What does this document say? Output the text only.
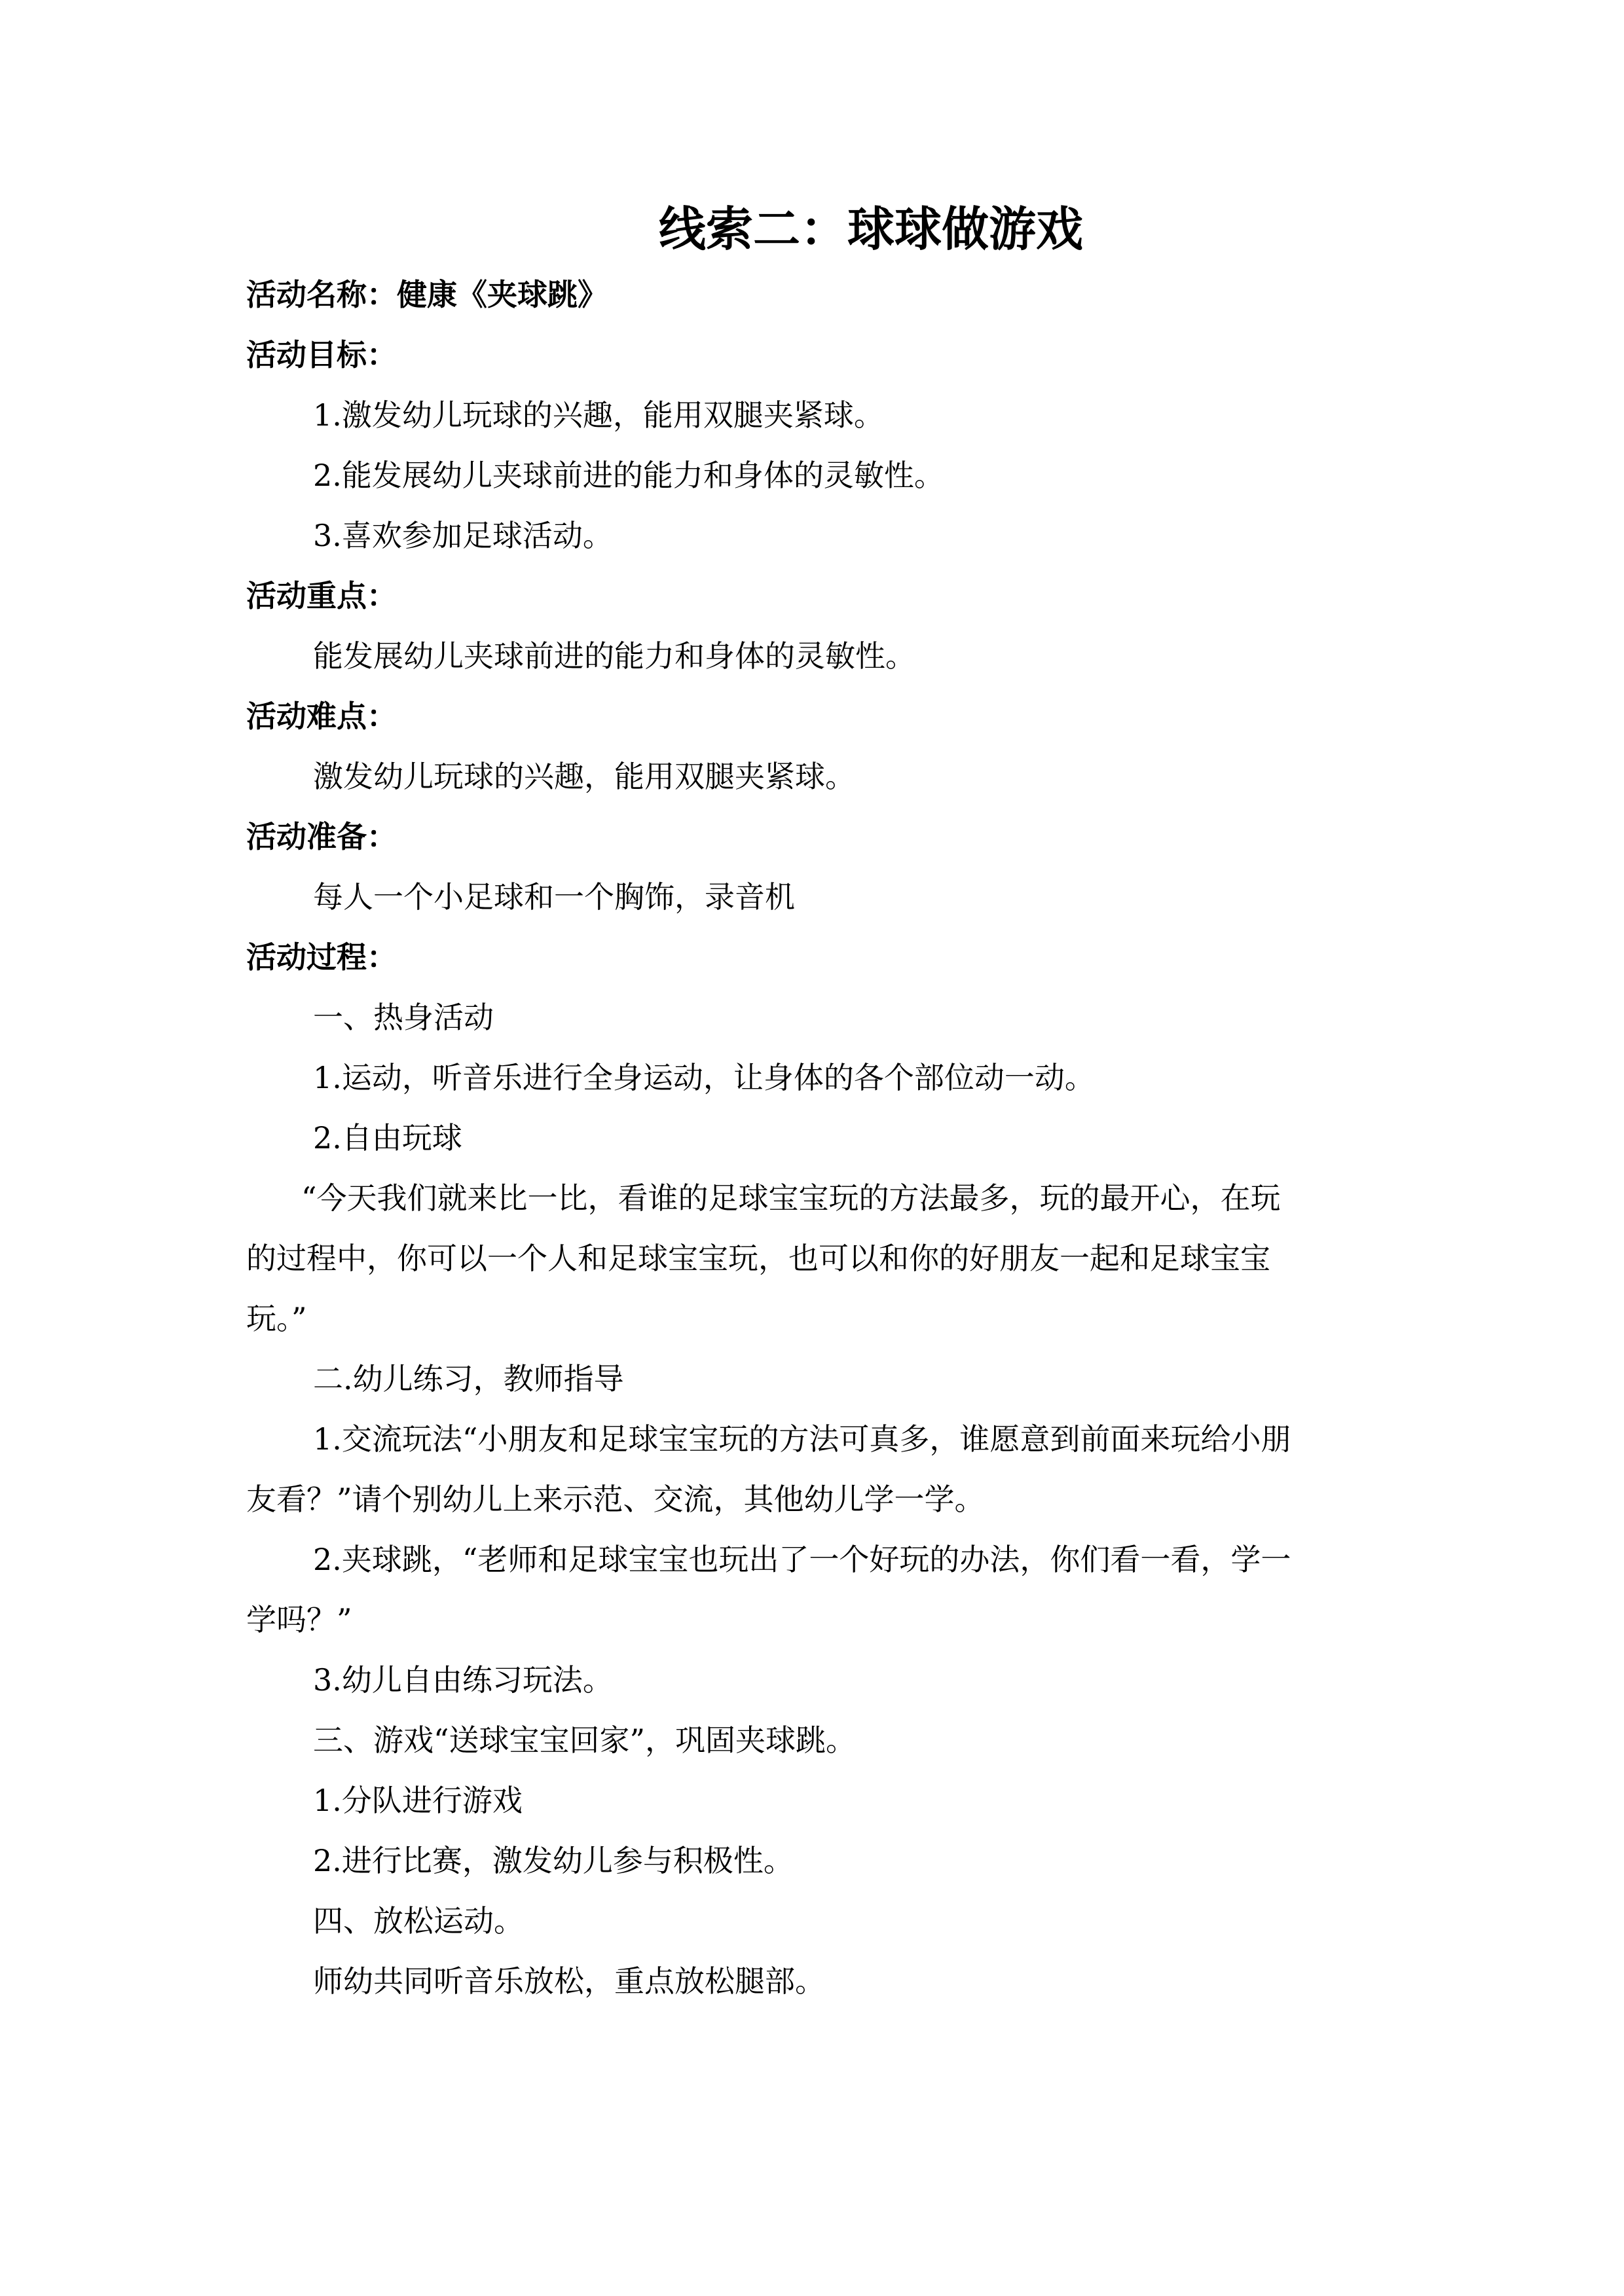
线索二：球球做游戏
活动名称：健康《夹球跳》
活动目标：
1.激发幼儿玩球的兴趣，能用双腿夹紧球。
2.能发展幼儿夹球前进的能力和身体的灵敏性。
3.喜欢参加足球活动。
活动重点：
能发展幼儿夹球前进的能力和身体的灵敏性。
活动难点：
激发幼儿玩球的兴趣，能用双腿夹紧球。
活动准备：
每人一个小足球和一个胸饰，录音机
活动过程：
一、热身活动
1.运动，听音乐进行全身运动，让身体的各个部位动一动。
2.自由玩球
“今天我们就来比一比，看谁的足球宝宝玩的方法最多，玩的最开心，在玩
的过程中，你可以一个人和足球宝宝玩，也可以和你的好朋友一起和足球宝宝
玩。”
二.幼儿练习，教师指导
1.交流玩法“小朋友和足球宝宝玩的方法可真多，谁愿意到前面来玩给小朋
友看？”请个别幼儿上来示范、交流，其他幼儿学一学。
2.夹球跳，“老师和足球宝宝也玩出了一个好玩的办法，你们看一看，学一
学吗？”
3.幼儿自由练习玩法。
三、游戏“送球宝宝回家”，巩固夹球跳。
1.分队进行游戏
2.进行比赛，激发幼儿参与积极性。
四、放松运动。
师幼共同听音乐放松，重点放松腿部。
